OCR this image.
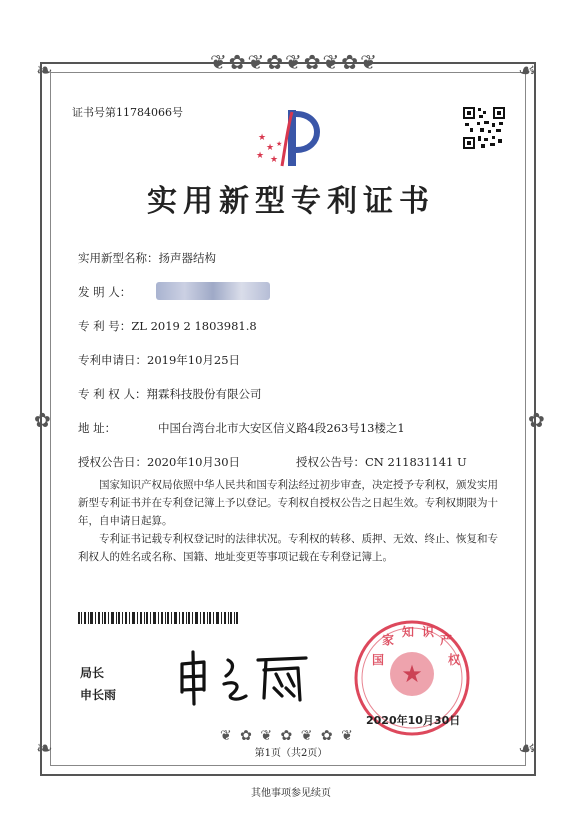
❦✿❦✿❦✿❦✿❦
❧	☙
❧	☙
✿	✿
证书号第11784066号
★
★
★ ★
★
实用新型专利证书
实用新型名称：扬声器结构
发 明 人：
专 利 号：ZL 2019 2 1803981.8
专利申请日：2019年10月25日
专 利 权 人：翔霖科技股份有限公司
地 址：	中国台湾台北市大安区信义路4段263号13楼之1
授权公告日：2020年10月30日	授权公告号：CN 211831141 U
国家知识产权局依照中华人民共和国专利法经过初步审查，决定授予专利权，颁发实用新型专利证书并在专利登记簿上予以登记。专利权自授权公告之日起生效。专利权期限为十年，自申请日起算。
专利证书记载专利权登记时的法律状况。专利权的转移、质押、无效、终止、恢复和专利权人的姓名或名称、国籍、地址变更等事项记载在专利登记簿上。
局长
申长雨
★
国
家
知 识
产
权
2020年10月30日
❦ ✿ ❦ ✿ ❦ ✿ ❦
第1页（共2页）
其他事项参见续页
